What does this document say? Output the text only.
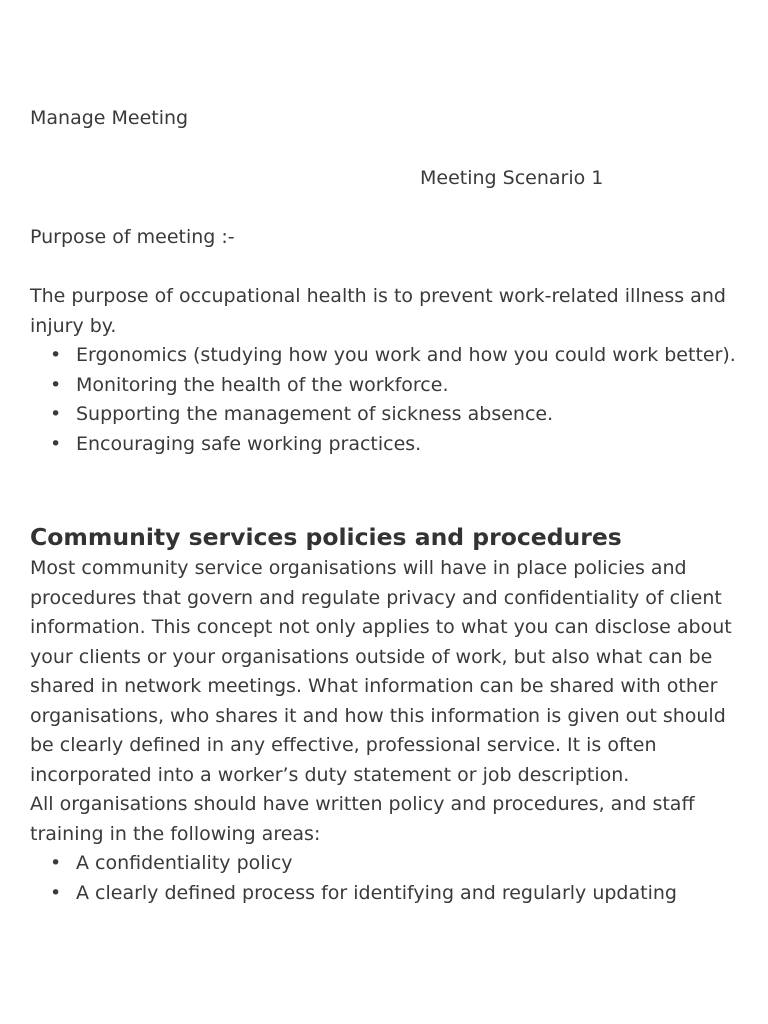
Manage Meeting

Meeting Scenario 1

Purpose of meeting :-

The purpose of occupational health is to prevent work-related illness and injury by.

• Ergonomics (studying how you work and how you could work better).
• Monitoring the health of the workforce.
• Supporting the management of sickness absence.
• Encouraging safe working practices.
Community services policies and procedures

Most community service organisations will have in place policies and procedures that govern and regulate privacy and confidentiality of client information. This concept not only applies to what you can disclose about your clients or your organisations outside of work, but also what can be shared in network meetings. What information can be shared with other organisations, who shares it and how this information is given out should be clearly defined in any effective, professional service. It is often incorporated into a worker’s duty statement or job description.

All organisations should have written policy and procedures, and staff training in the following areas:

• A confidentiality policy
• A clearly defined process for identifying and regularly updating
